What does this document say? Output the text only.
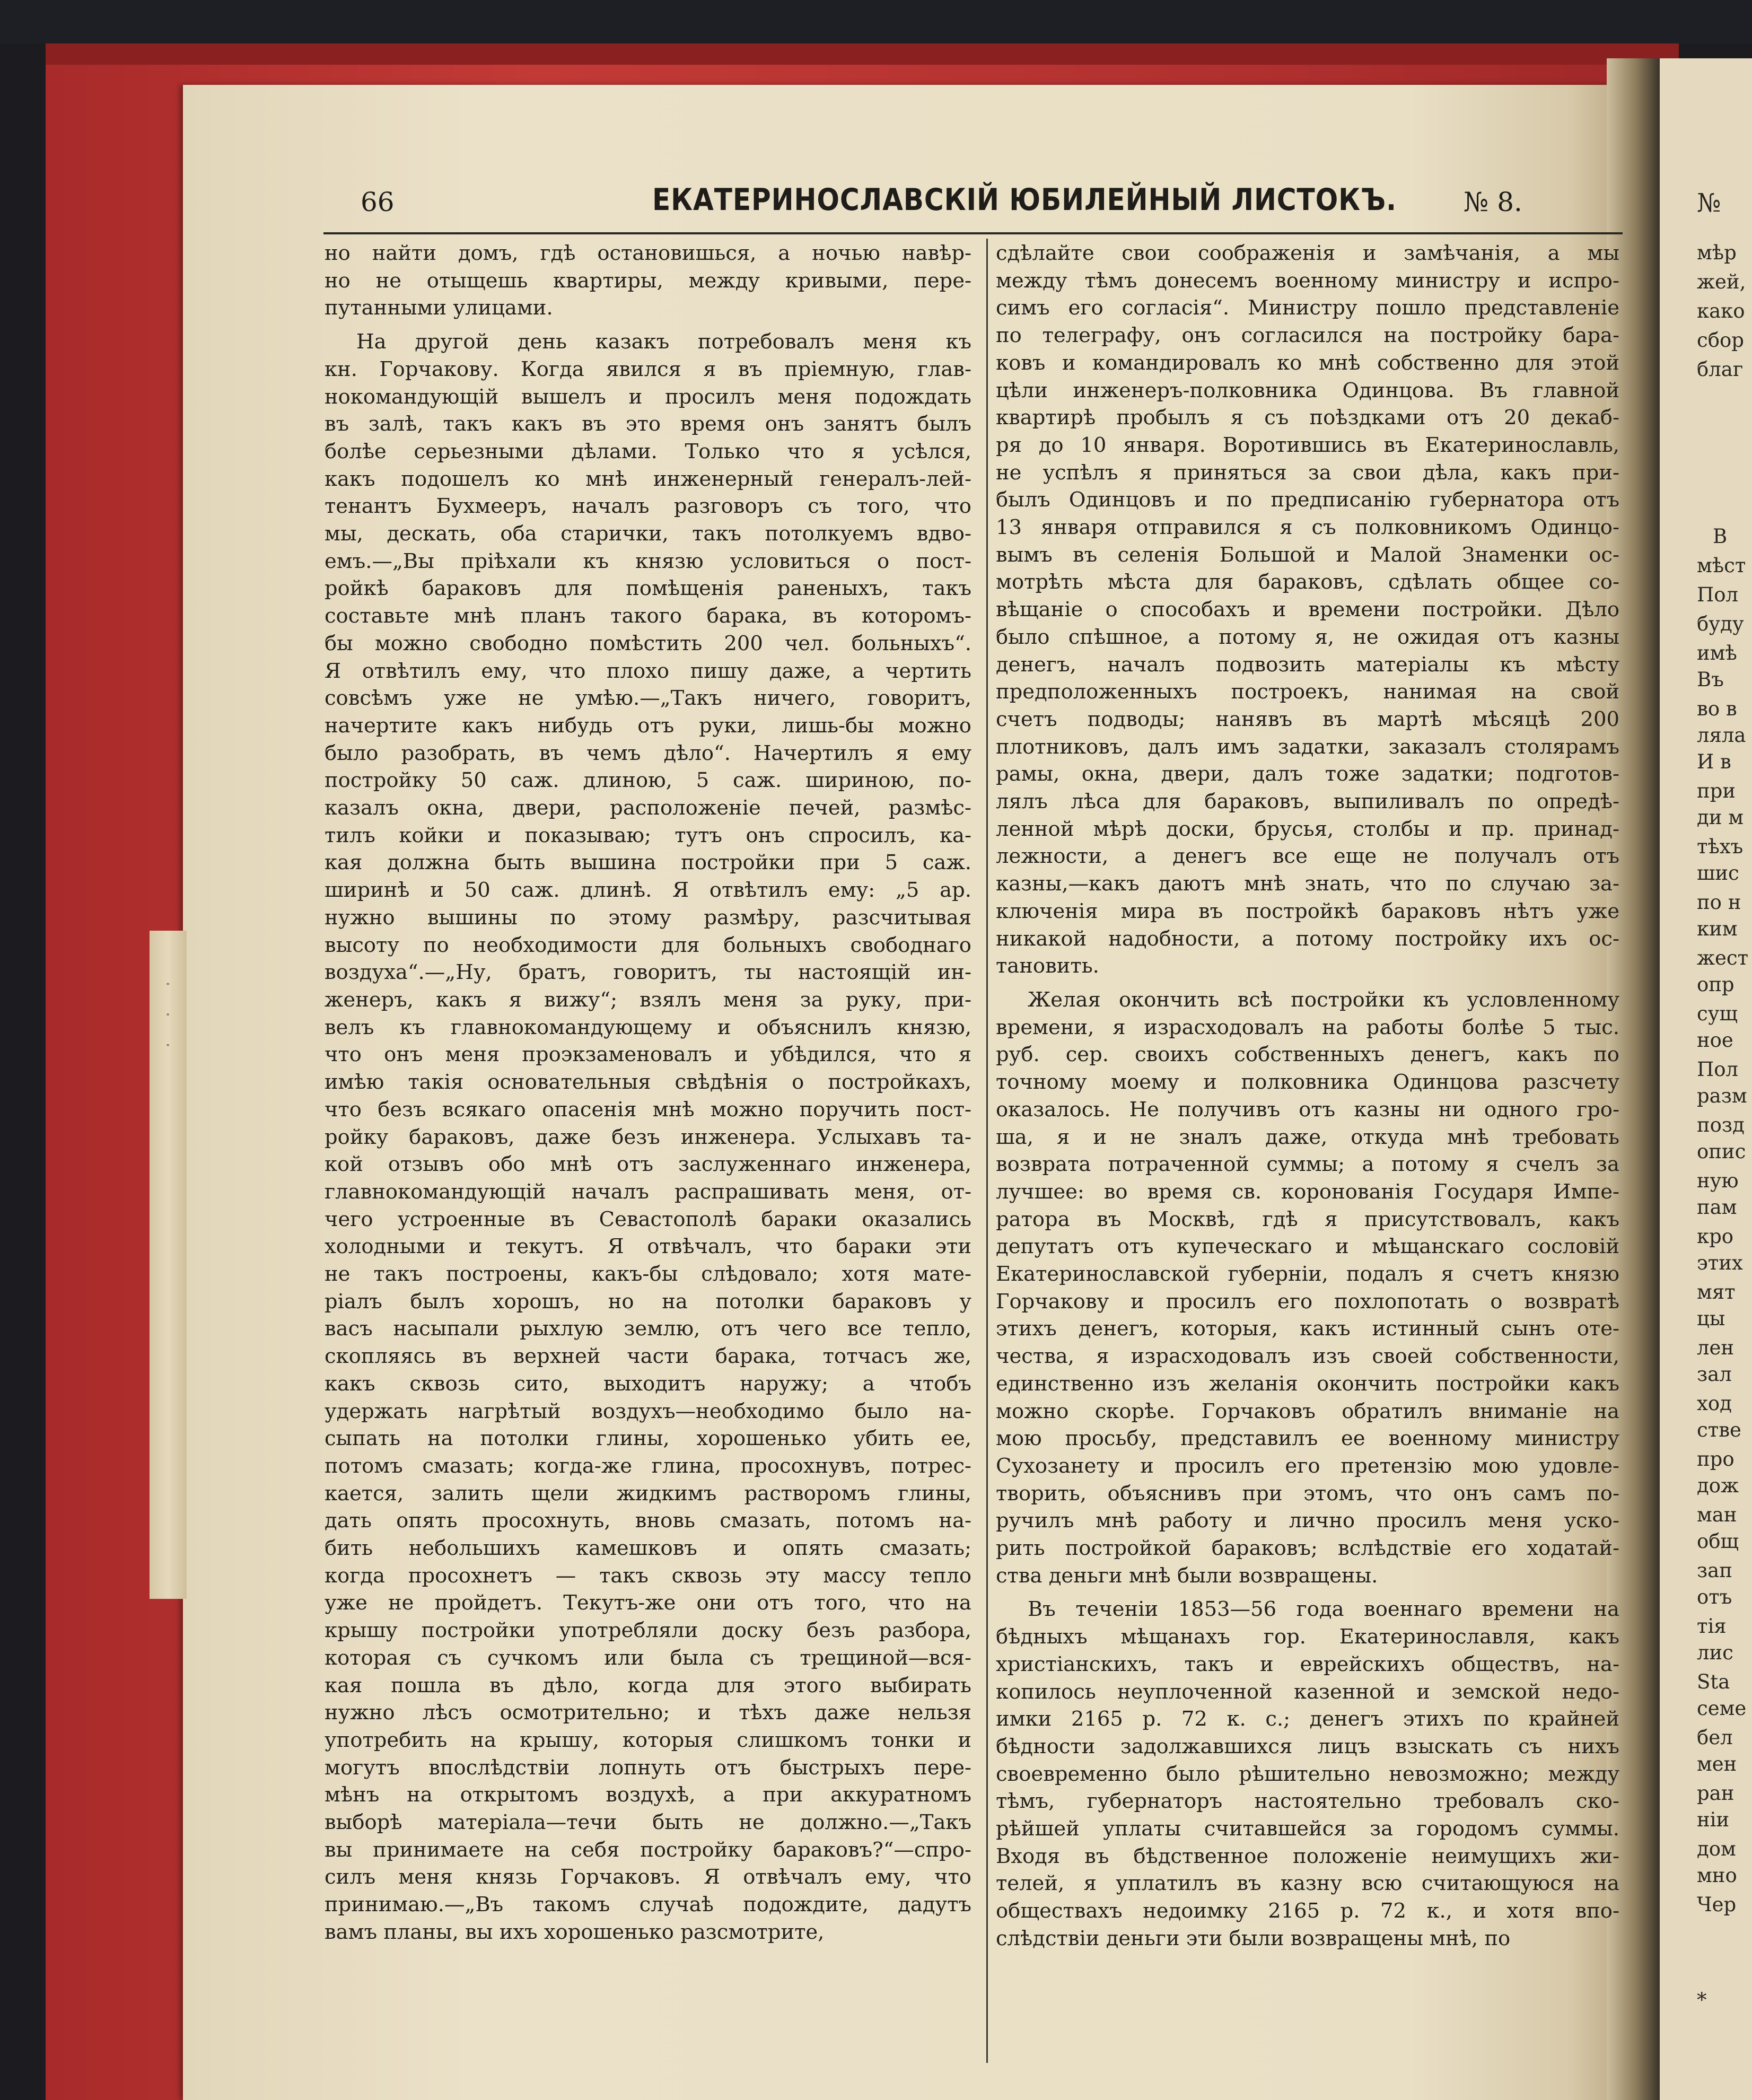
· · ·
№
мѣр
жей,
како
сбор
благ
В
мѣст
Пол
буду
имѣ
Въ
во в
ляла
И в
при
ди м
тѣхъ
шис
по н
ким
жест
опр
сущ
ное
Пол
разм
позд
опис
ную
пам
кро
этих
мят
цы
лен
зал
ход
стве
про
дож
ман
общ
зап
отъ
тія
лис
Sta
семе
бел
мен
ран
ніи
дом
мно
Чер
*
66	ЕКАТЕРИНОСЛАВСКІЙ ЮБИЛЕЙНЫЙ ЛИСТОКЪ.	№ 8.
но найти домъ, гдѣ остановишься, а ночью навѣр-
но не отыщешь квартиры, между кривыми, пере-
путанными улицами.
На другой день казакъ потребовалъ меня къ
кн. Горчакову. Когда явился я въ пріемную, глав-
нокомандующій вышелъ и просилъ меня подождать
въ залѣ, такъ какъ въ это время онъ занятъ былъ
болѣе серьезными дѣлами. Только что я усѣлся,
какъ подошелъ ко мнѣ инженерный генералъ-лей-
тенантъ Бухмееръ, началъ разговоръ съ того, что
мы, дескать, оба старички, такъ потолкуемъ вдво-
емъ.—„Вы пріѣхали къ князю условиться о пост-
ройкѣ бараковъ для помѣщенія раненыхъ, такъ
составьте мнѣ планъ такого барака, въ которомъ-
бы можно свободно помѣстить 200 чел. больныхъ“.
Я отвѣтилъ ему, что плохо пишу даже, а чертить
совсѣмъ уже не умѣю.—„Такъ ничего, говоритъ,
начертите какъ нибудь отъ руки, лишь-бы можно
было разобрать, въ чемъ дѣло“. Начертилъ я ему
постройку 50 саж. длиною, 5 саж. шириною, по-
казалъ окна, двери, расположеніе печей, размѣс-
тилъ койки и показываю; тутъ онъ спросилъ, ка-
кая должна быть вышина постройки при 5 саж.
ширинѣ и 50 саж. длинѣ. Я отвѣтилъ ему: „5 ар.
нужно вышины по этому размѣру, разсчитывая
высоту по необходимости для больныхъ свободнаго
воздуха“.—„Ну, братъ, говоритъ, ты настоящій ин-
женеръ, какъ я вижу“; взялъ меня за руку, при-
велъ къ главнокомандующему и объяснилъ князю,
что онъ меня проэкзаменовалъ и убѣдился, что я
имѣю такія основательныя свѣдѣнія о постройкахъ,
что безъ всякаго опасенія мнѣ можно поручить пост-
ройку бараковъ, даже безъ инженера. Услыхавъ та-
кой отзывъ обо мнѣ отъ заслуженнаго инженера,
главнокомандующій началъ распрашивать меня, от-
чего устроенные въ Севастополѣ бараки оказались
холодными и текутъ. Я отвѣчалъ, что бараки эти
не такъ построены, какъ-бы слѣдовало; хотя мате-
ріалъ былъ хорошъ, но на потолки бараковъ у
васъ насыпали рыхлую землю, отъ чего все тепло,
скопляясь въ верхней части барака, тотчасъ же,
какъ сквозь сито, выходитъ наружу; а чтобъ
удержать нагрѣтый воздухъ—необходимо было на-
сыпать на потолки глины, хорошенько убить ее,
потомъ смазать; когда-же глина, просохнувъ, потрес-
кается, залить щели жидкимъ растворомъ глины,
дать опять просохнуть, вновь смазать, потомъ на-
бить небольшихъ камешковъ и опять смазать;
когда просохнетъ — такъ сквозь эту массу тепло
уже не пройдетъ. Текутъ-же они отъ того, что на
крышу постройки употребляли доску безъ разбора,
которая съ сучкомъ или была съ трещиной—вся-
кая пошла въ дѣло, когда для этого выбирать
нужно лѣсъ осмотрительно; и тѣхъ даже нельзя
употребить на крышу, которыя слишкомъ тонки и
могутъ впослѣдствіи лопнуть отъ быстрыхъ пере-
мѣнъ на открытомъ воздухѣ, а при аккуратномъ
выборѣ матеріала—течи быть не должно.—„Такъ
вы принимаете на себя постройку бараковъ?“—спро-
силъ меня князь Горчаковъ. Я отвѣчалъ ему, что
принимаю.—„Въ такомъ случаѣ подождите, дадутъ
вамъ планы, вы ихъ хорошенько разсмотрите,
сдѣлайте свои соображенія и замѣчанія, а мы
между тѣмъ донесемъ военному министру и испро-
симъ его согласія“. Министру пошло представленіе
по телеграфу, онъ согласился на постройку бара-
ковъ и командировалъ ко мнѣ собственно для этой
цѣли инженеръ-полковника Одинцова. Въ главной
квартирѣ пробылъ я съ поѣздками отъ 20 декаб-
ря до 10 января. Воротившись въ Екатеринославль,
не успѣлъ я приняться за свои дѣла, какъ при-
былъ Одинцовъ и по предписанію губернатора отъ
13 января отправился я съ полковникомъ Одинцо-
вымъ въ селенія Большой и Малой Знаменки ос-
мотрѣть мѣста для бараковъ, сдѣлать общее со-
вѣщаніе о способахъ и времени постройки. Дѣло
было спѣшное, а потому я, не ожидая отъ казны
денегъ, началъ подвозить матеріалы къ мѣсту
предположенныхъ построекъ, нанимая на свой
счетъ подводы; нанявъ въ мартѣ мѣсяцѣ 200
плотниковъ, далъ имъ задатки, заказалъ столярамъ
рамы, окна, двери, далъ тоже задатки; подготов-
лялъ лѣса для бараковъ, выпиливалъ по опредѣ-
ленной мѣрѣ доски, брусья, столбы и пр. принад-
лежности, а денегъ все еще не получалъ отъ
казны,—какъ даютъ мнѣ знать, что по случаю за-
ключенія мира въ постройкѣ бараковъ нѣтъ уже
никакой надобности, а потому постройку ихъ ос-
тановить.
Желая окончить всѣ постройки къ условленному
времени, я израсходовалъ на работы болѣе 5 тыс.
руб. сер. своихъ собственныхъ денегъ, какъ по
точному моему и полковника Одинцова разсчету
оказалось. Не получивъ отъ казны ни одного гро-
ша, я и не зналъ даже, откуда мнѣ требовать
возврата потраченной суммы; а потому я счелъ за
лучшее: во время св. коронованія Государя Импе-
ратора въ Москвѣ, гдѣ я присутствовалъ, какъ
депутатъ отъ купеческаго и мѣщанскаго сословій
Екатеринославской губерніи, подалъ я счетъ князю
Горчакову и просилъ его похлопотать о возвратѣ
этихъ денегъ, которыя, какъ истинный сынъ оте-
чества, я израсходовалъ изъ своей собственности,
единственно изъ желанія окончить постройки какъ
можно скорѣе. Горчаковъ обратилъ вниманіе на
мою просьбу, представилъ ее военному министру
Сухозанету и просилъ его претензію мою удовле-
творить, объяснивъ при этомъ, что онъ самъ по-
ручилъ мнѣ работу и лично просилъ меня уско-
рить постройкой бараковъ; вслѣдствіе его ходатай-
ства деньги мнѣ были возвращены.
Въ теченіи 1853—56 года военнаго времени на
бѣдныхъ мѣщанахъ гор. Екатеринославля, какъ
христіанскихъ, такъ и еврейскихъ обществъ, на-
копилось неуплоченной казенной и земской недо-
имки 2165 р. 72 к. с.; денегъ этихъ по крайней
бѣдности задолжавшихся лицъ взыскать съ нихъ
своевременно было рѣшительно невозможно; между
тѣмъ, губернаторъ настоятельно требовалъ ско-
рѣйшей уплаты считавшейся за городомъ суммы.
Входя въ бѣдственное положеніе неимущихъ жи-
телей, я уплатилъ въ казну всю считающуюся на
обществахъ недоимку 2165 р. 72 к., и хотя впо-
слѣдствіи деньги эти были возвращены мнѣ, по
